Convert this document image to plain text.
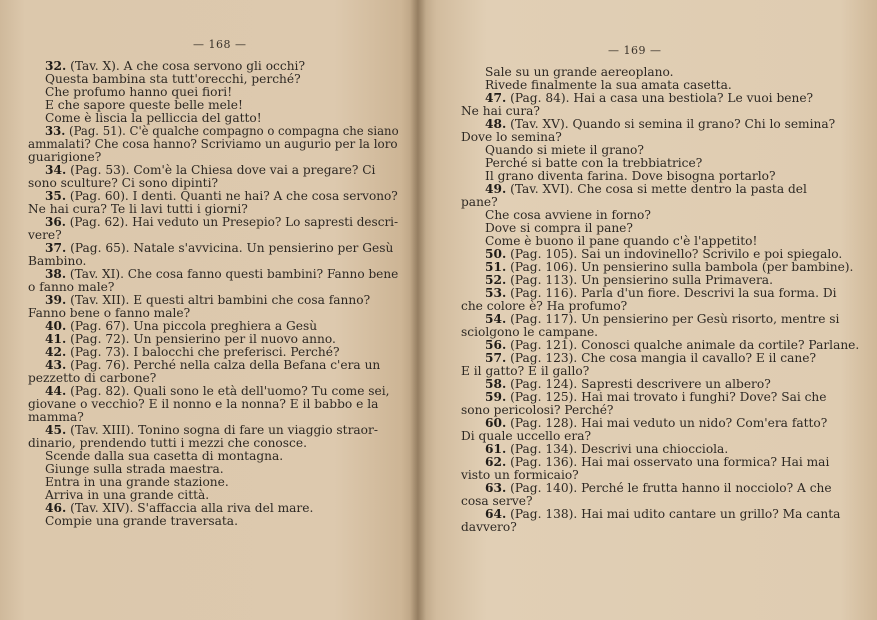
— 168 —
32. (Tav. X). A che cosa servono gli occhi?
Questa bambina sta tutt'orecchi, perché?
Che profumo hanno quei fiori!
E che sapore queste belle mele!
Come è liscia la pelliccia del gatto!
33. (Pag. 51). C'è qualche compagno o compagna che siano
ammalati? Che cosa hanno? Scriviamo un augurio per la loro
guarigione?
34. (Pag. 53). Com'è la Chiesa dove vai a pregare? Ci
sono sculture? Ci sono dipinti?
35. (Pag. 60). I denti. Quanti ne hai? A che cosa servono?
Ne hai cura? Te li lavi tutti i giorni?
36. (Pag. 62). Hai veduto un Presepio? Lo sapresti descri-
vere?
37. (Pag. 65). Natale s'avvicina. Un pensierino per Gesù
Bambino.
38. (Tav. XI). Che cosa fanno questi bambini? Fanno bene
o fanno male?
39. (Tav. XII). E questi altri bambini che cosa fanno?
Fanno bene o fanno male?
40. (Pag. 67). Una piccola preghiera a Gesù
41. (Pag. 72). Un pensierino per il nuovo anno.
42. (Pag. 73). I balocchi che preferisci. Perché?
43. (Pag. 76). Perché nella calza della Befana c'era un
pezzetto di carbone?
44. (Pag. 82). Quali sono le età dell'uomo? Tu come sei,
giovane o vecchio? E il nonno e la nonna? E il babbo e la
mamma?
45. (Tav. XIII). Tonino sogna di fare un viaggio straor-
dinario, prendendo tutti i mezzi che conosce.
Scende dalla sua casetta di montagna.
Giunge sulla strada maestra.
Entra in una grande stazione.
Arriva in una grande città.
46. (Tav. XIV). S'affaccia alla riva del mare.
Compie una grande traversata.
— 169 —
Sale su un grande aereoplano.
Rivede finalmente la sua amata casetta.
47. (Pag. 84). Hai a casa una bestiola? Le vuoi bene?
Ne hai cura?
48. (Tav. XV). Quando si semina il grano? Chi lo semina?
Dove lo semina?
Quando si miete il grano?
Perché si batte con la trebbiatrice?
Il grano diventa farina. Dove bisogna portarlo?
49. (Tav. XVI). Che cosa si mette dentro la pasta del
pane?
Che cosa avviene in forno?
Dove si compra il pane?
Come è buono il pane quando c'è l'appetito!
50. (Pag. 105). Sai un indovinello? Scrivilo e poi spiegalo.
51. (Pag. 106). Un pensierino sulla bambola (per bambine).
52. (Pag. 113). Un pensierino sulla Primavera.
53. (Pag. 116). Parla d'un fiore. Descrivi la sua forma. Di
che colore è? Ha profumo?
54. (Pag. 117). Un pensierino per Gesù risorto, mentre si
sciolgono le campane.
56. (Pag. 121). Conosci qualche animale da cortile? Parlane.
57. (Pag. 123). Che cosa mangia il cavallo? E il cane?
E il gatto? E il gallo?
58. (Pag. 124). Sapresti descrivere un albero?
59. (Pag. 125). Hai mai trovato i funghi? Dove? Sai che
sono pericolosi? Perché?
60. (Pag. 128). Hai mai veduto un nido? Com'era fatto?
Di quale uccello era?
61. (Pag. 134). Descrivi una chiocciola.
62. (Pag. 136). Hai mai osservato una formica? Hai mai
visto un formicaio?
63. (Pag. 140). Perché le frutta hanno il nocciolo? A che
cosa serve?
64. (Pag. 138). Hai mai udito cantare un grillo? Ma canta
davvero?
